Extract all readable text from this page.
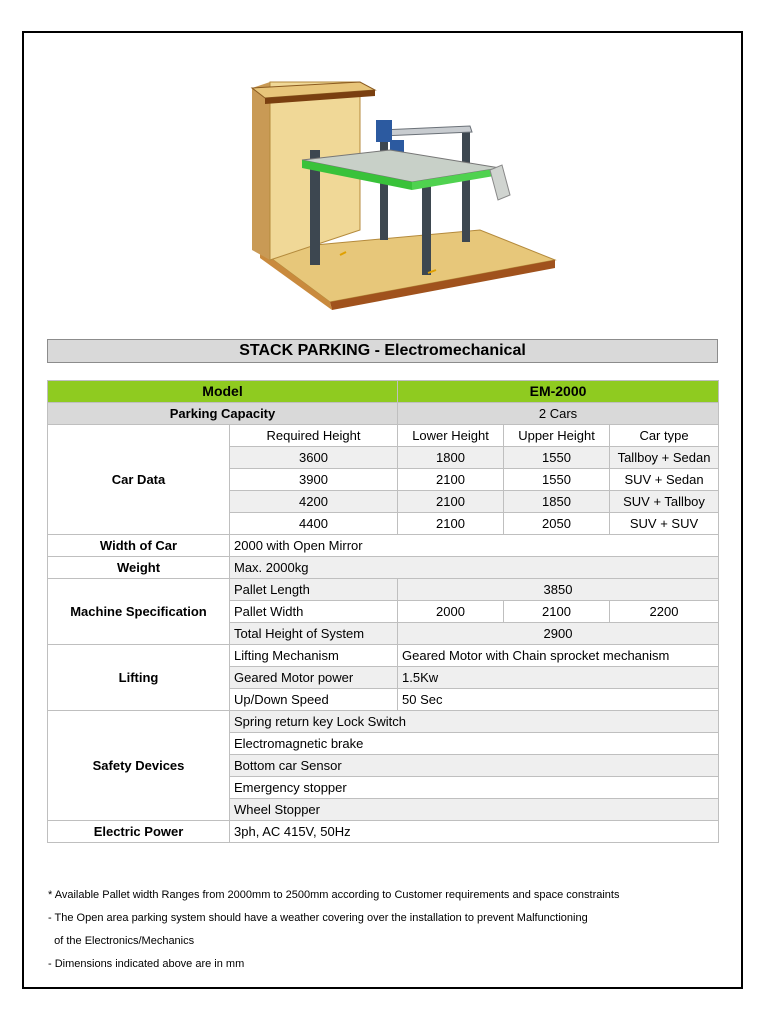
STACK PARKING - Electromechanical
Model		EM-2000		
Parking Capacity		2 Cars		
Car Data	Required Height	Lower Height	Upper Height	Car type
	3600	1800	1550	Tallboy + Sedan
	3900	2100	1550	SUV + Sedan
	4200	2100	1850	SUV + Tallboy
	4400	2100	2050	SUV + SUV
Width of Car	2000 with Open Mirror			
Weight	Max. 2000kg			
Machine Specification	Pallet Length	3850		
	Pallet Width	2000	2100	2200
	Total Height of System	2900		
Lifting	Lifting Mechanism	Geared Motor with Chain sprocket mechanism		
	Geared Motor power	1.5Kw		
	Up/Down Speed	50 Sec		
Safety Devices	Spring return key Lock Switch			
	Electromagnetic brake			
	Bottom car Sensor			
	Emergency stopper			
	Wheel Stopper			
Electric Power	3ph, AC 415V, 50Hz			
* Available Pallet width Ranges from 2000mm to 2500mm according to Customer requirements and space constraints
- The Open area parking system should have a weather covering over the installation to prevent Malfunctioning
of the Electronics/Mechanics
- Dimensions indicated above are in mm
